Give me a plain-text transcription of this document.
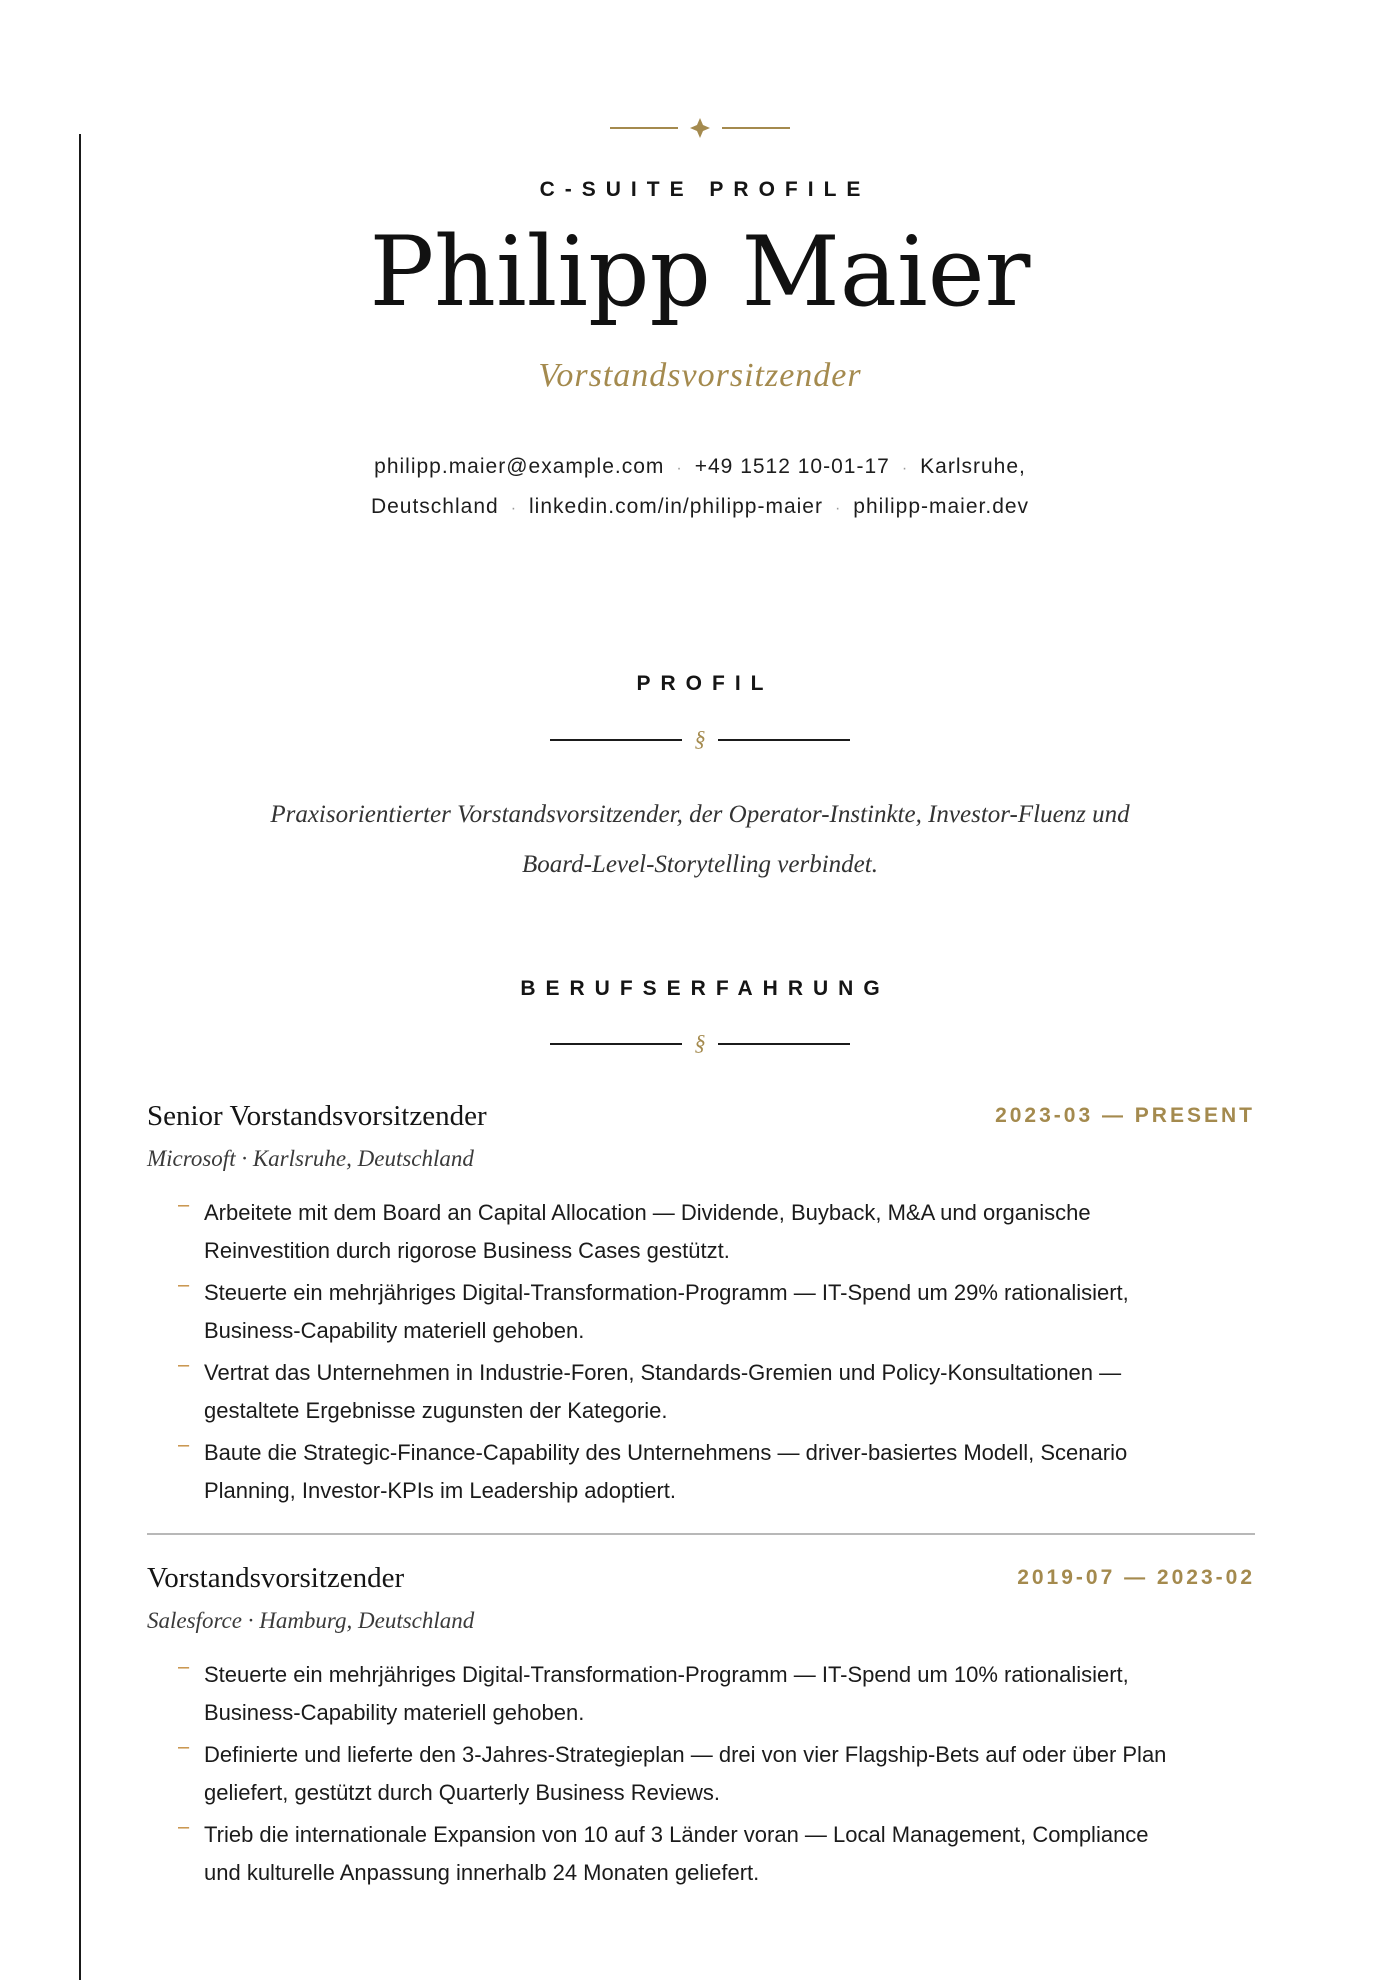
C-SUITE PROFILE
Philipp Maier
Vorstandsvorsitzender
philipp.maier@example.com · +49 1512 10-01-17 · Karlsruhe,
Deutschland · linkedin.com/in/philipp-maier · philipp-maier.dev
PROFIL
§
Praxisorientierter Vorstandsvorsitzender, der Operator-Instinkte, Investor-Fluenz und
Board-Level-Storytelling verbindet.
BERUFSERFAHRUNG
§
Senior Vorstandsvorsitzender	2023-03 — PRESENT
Microsoft · Karlsruhe, Deutschland
– Arbeitete mit dem Board an Capital Allocation — Dividende, Buyback, M&A und organische
Reinvestition durch rigorose Business Cases gestützt.
– Steuerte ein mehrjähriges Digital-Transformation-Programm — IT-Spend um 29% rationalisiert,
Business-Capability materiell gehoben.
– Vertrat das Unternehmen in Industrie-Foren, Standards-Gremien und Policy-Konsultationen —
gestaltete Ergebnisse zugunsten der Kategorie.
– Baute die Strategic-Finance-Capability des Unternehmens — driver-basiertes Modell, Scenario
Planning, Investor-KPIs im Leadership adoptiert.
Vorstandsvorsitzender	2019-07 — 2023-02
Salesforce · Hamburg, Deutschland
– Steuerte ein mehrjähriges Digital-Transformation-Programm — IT-Spend um 10% rationalisiert,
Business-Capability materiell gehoben.
– Definierte und lieferte den 3-Jahres-Strategieplan — drei von vier Flagship-Bets auf oder über Plan
geliefert, gestützt durch Quarterly Business Reviews.
– Trieb die internationale Expansion von 10 auf 3 Länder voran — Local Management, Compliance
und kulturelle Anpassung innerhalb 24 Monaten geliefert.
